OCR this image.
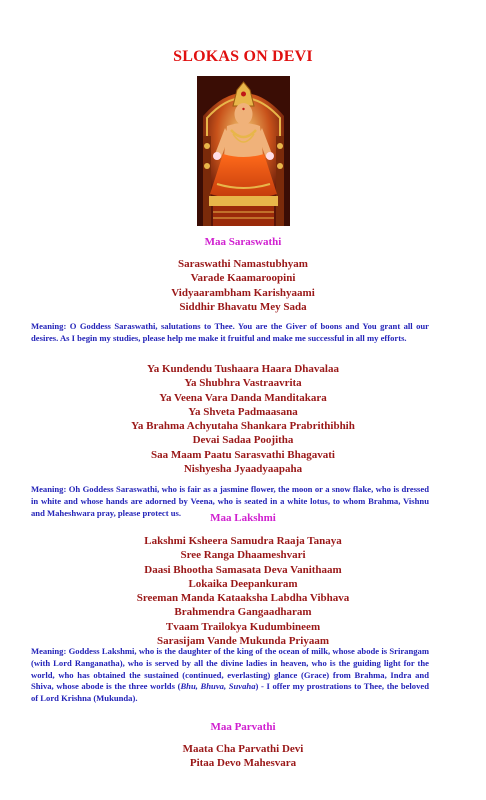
SLOKAS ON DEVI
Maa Saraswathi
Saraswathi Namastubhyam
Varade Kaamaroopini
Vidyaarambham Karishyaami
Siddhir Bhavatu Mey Sada
Meaning: O Goddess Saraswathi, salutations to Thee. You are the Giver of boons and You grant all our desires. As I begin my studies, please help me make it fruitful and make me successful in all my efforts.
Ya Kundendu Tushaara Haara Dhavalaa
Ya Shubhra Vastraavrita
Ya Veena Vara Danda Manditakara
Ya Shveta Padmaasana
Ya Brahma Achyutaha Shankara Prabrithibhih
Devai Sadaa Poojitha
Saa Maam Paatu Sarasvathi Bhagavati
Nishyesha Jyaadyaapaha
Meaning: Oh Goddess Saraswathi, who is fair as a jasmine flower, the moon or a snow flake, who is dressed in white and whose hands are adorned by Veena, who is seated in a white lotus, to whom Brahma, Vishnu and Maheshwara pray, please protect us.	Maa Lakshmi
Lakshmi Ksheera Samudra Raaja Tanaya
Sree Ranga Dhaameshvari
Daasi Bhootha Samasata Deva Vanithaam
Lokaika Deepankuram
Sreeman Manda Kataaksha Labdha Vibhava
Brahmendra Gangaadharam
Tvaam Trailokya Kudumbineem
Sarasijam Vande Mukunda Priyaam
Meaning: Goddess Lakshmi, who is the daughter of the king of the ocean of milk, whose abode is Srirangam (with Lord Ranganatha), who is served by all the divine ladies in heaven, who is the guiding light for the world, who has obtained the sustained (continued, everlasting) glance (Grace) from Brahma, Indra and Shiva, whose abode is the three worlds (Bhu, Bhuva, Suvaha) - I offer my prostrations to Thee, the beloved of Lord Krishna (Mukunda).
Maa Parvathi
Maata Cha Parvathi Devi
Pitaa Devo Mahesvara
